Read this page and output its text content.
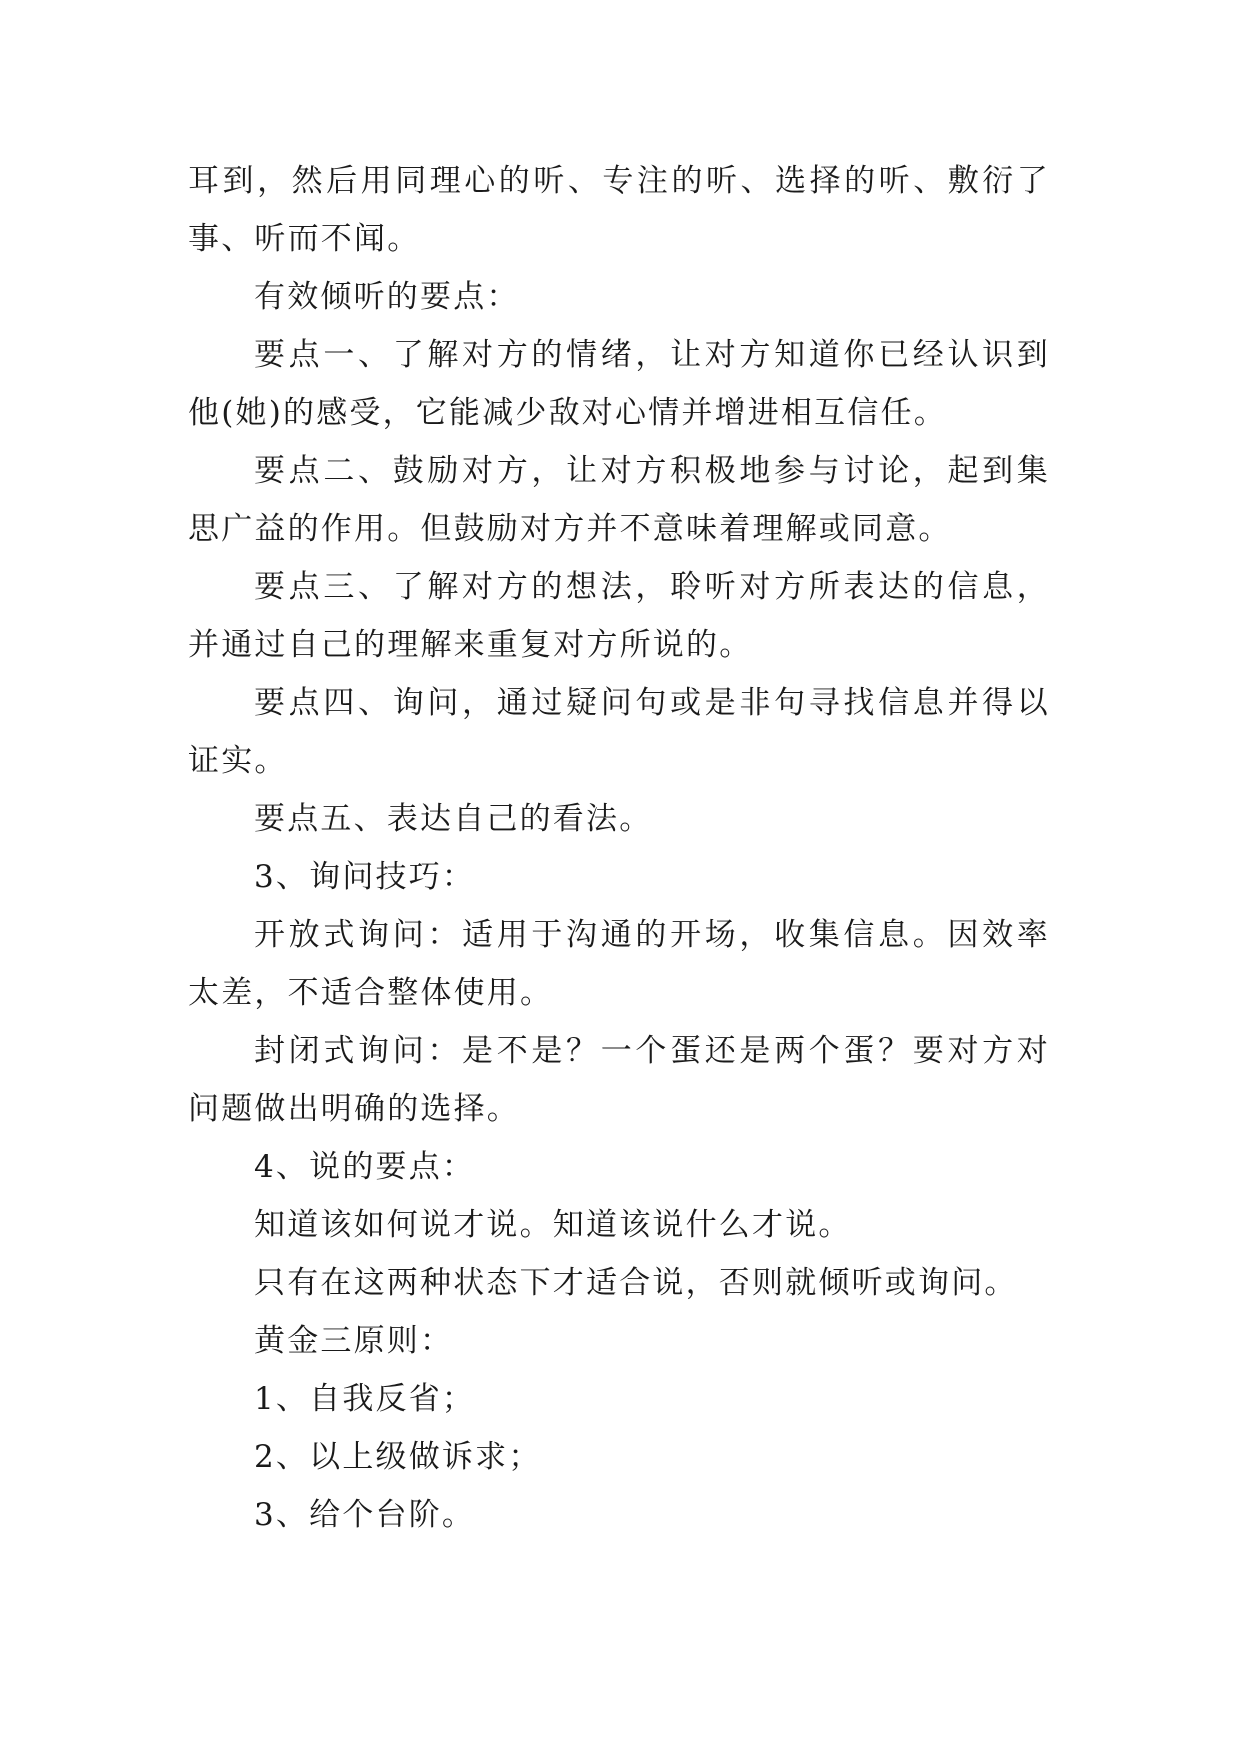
耳到，然后用同理心的听、专注的听、选择的听、敷衍了事、听而不闻。

有效倾听的要点：

要点一、了解对方的情绪，让对方知道你已经认识到他(她)的感受，它能减少敌对心情并增进相互信任。

要点二、鼓励对方，让对方积极地参与讨论，起到集思广益的作用。但鼓励对方并不意味着理解或同意。

要点三、了解对方的想法，聆听对方所表达的信息，并通过自己的理解来重复对方所说的。

要点四、询问，通过疑问句或是非句寻找信息并得以证实。

要点五、表达自己的看法。

3、询问技巧：

开放式询问：适用于沟通的开场，收集信息。因效率太差，不适合整体使用。

封闭式询问：是不是？一个蛋还是两个蛋？要对方对问题做出明确的选择。

4、说的要点：

知道该如何说才说。知道该说什么才说。

只有在这两种状态下才适合说，否则就倾听或询问。

黄金三原则：

1、自我反省；

2、以上级做诉求；

3、给个台阶。
